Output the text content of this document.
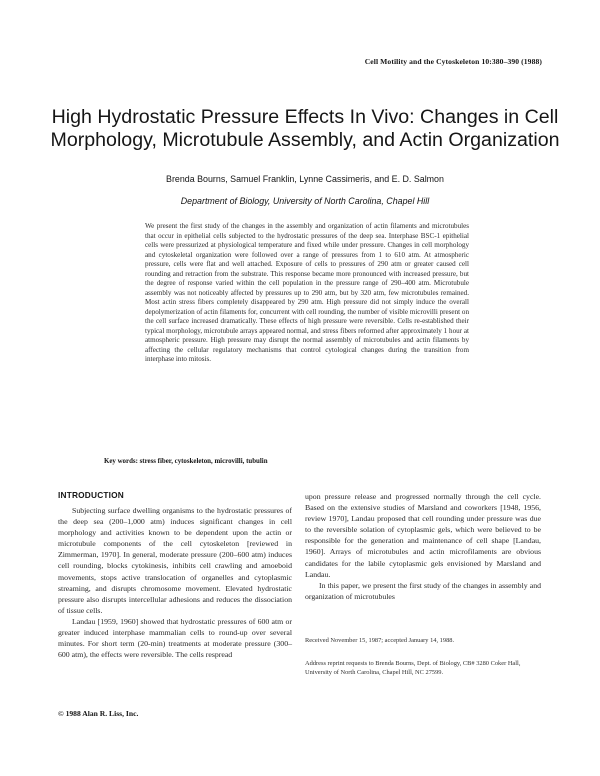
Cell Motility and the Cytoskeleton 10:380–390 (1988)
High Hydrostatic Pressure Effects In Vivo: Changes in Cell Morphology, Microtubule Assembly, and Actin Organization
Brenda Bourns, Samuel Franklin, Lynne Cassimeris, and E. D. Salmon
Department of Biology, University of North Carolina, Chapel Hill

We present the first study of the changes in the assembly and organization of actin filaments and microtubules that occur in epithelial cells subjected to the hydrostatic pressures of the deep sea. Interphase BSC-1 epithelial cells were pressurized at physiological temperature and fixed while under pressure. Changes in cell morphology and cytoskeletal organization were followed over a range of pressures from 1 to 610 atm. At atmospheric pressure, cells were flat and well attached. Exposure of cells to pressures of 290 atm or greater caused cell rounding and retraction from the substrate. This response became more pronounced with increased pressure, but the degree of response varied within the cell population in the pressure range of 290–400 atm. Microtubule assembly was not noticeably affected by pressures up to 290 atm, but by 320 atm, few microtubules remained. Most actin stress fibers completely disappeared by 290 atm. High pressure did not simply induce the overall depolymerization of actin filaments for, concurrent with cell rounding, the number of visible microvilli present on the cell surface increased dramatically. These effects of high pressure were reversible. Cells re-established their typical morphology, microtubule arrays appeared normal, and stress fibers reformed after approximately 1 hour at atmospheric pressure. High pressure may disrupt the normal assembly of microtubules and actin filaments by affecting the cellular regulatory mechanisms that control cytological changes during the transition from interphase into mitosis.

Key words: stress fiber, cytoskeleton, microvilli, tubulin
INTRODUCTION

Subjecting surface dwelling organisms to the hydrostatic pressures of the deep sea (200–1,000 atm) induces significant changes in cell morphology and activities known to be dependent upon the actin or microtubule components of the cell cytoskeleton [reviewed in Zimmerman, 1970]. In general, moderate pressure (200–600 atm) induces cell rounding, blocks cytokinesis, inhibits cell crawling and amoeboid movements, stops active translocation of organelles and cytoplasmic streaming, and disrupts chromosome movement. Elevated hydrostatic pressure also disrupts intercellular adhesions and reduces the dissociation of tissue cells.

Landau [1959, 1960] showed that hydrostatic pressures of 600 atm or greater induced interphase mammalian cells to round-up over several minutes. For short term (20-min) treatments at moderate pressure (300–600 atm), the effects were reversible. The cells respread

upon pressure release and progressed normally through the cell cycle. Based on the extensive studies of Marsland and coworkers [1948, 1956, review 1970], Landau proposed that cell rounding under pressure was due to the reversible solation of cytoplasmic gels, which were believed to be responsible for the generation and maintenance of cell shape [Landau, 1960]. Arrays of microtubules and actin microfilaments are obvious candidates for the labile cytoplasmic gels envisioned by Marsland and Landau.

In this paper, we present the first study of the changes in assembly and organization of microtubules

Received November 15, 1987; accepted January 14, 1988.
Address reprint requests to Brenda Bourns, Dept. of Biology, CB# 3280 Coker Hall, University of North Carolina, Chapel Hill, NC 27599.
© 1988 Alan R. Liss, Inc.
